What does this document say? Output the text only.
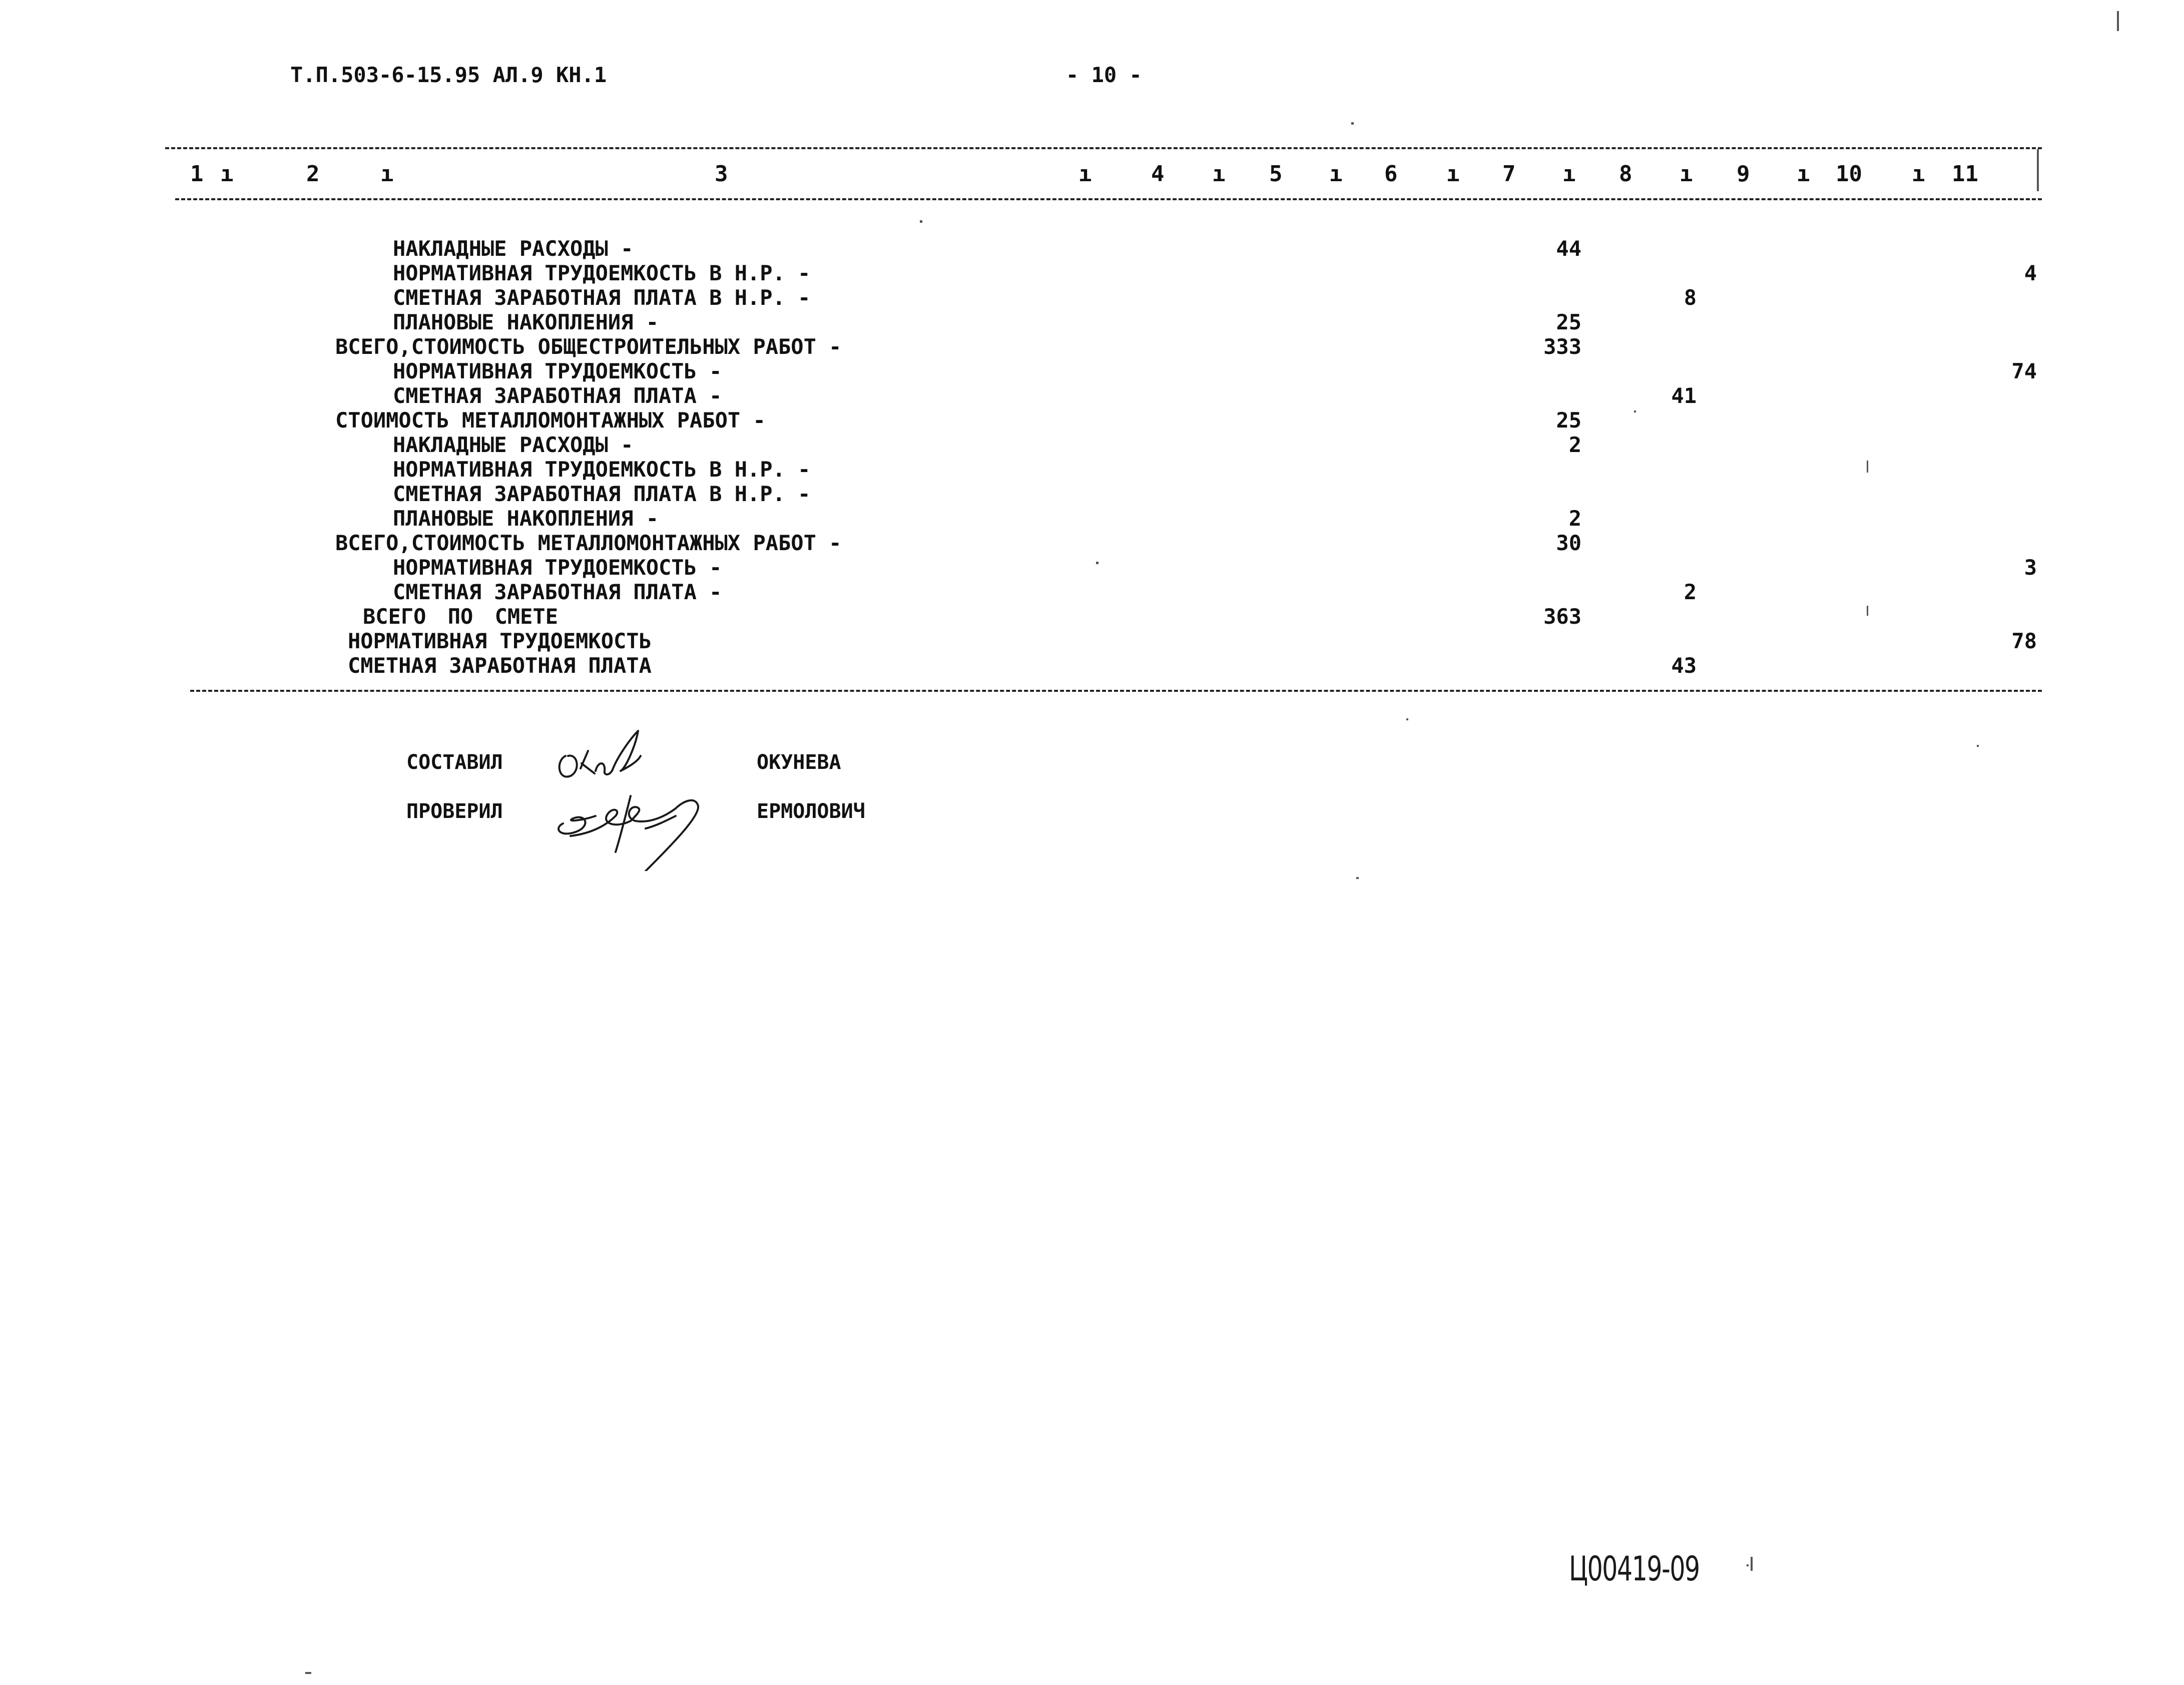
Т.П.503-6-15.95 АЛ.9 КН.1	- 10 -
1 ı	2	ı	3	ı	4 ı 5 ı 6 ı 7 ı 8 ı 9 ı 10 ı 11
НАКЛАДНЫЕ РАСХОДЫ -	44
НОРМАТИВНАЯ ТРУДОЕМКОСТЬ В Н.Р. -	4
СМЕТНАЯ ЗАРАБОТНАЯ ПЛАТА В Н.Р. -	8
ПЛАНОВЫЕ НАКОПЛЕНИЯ -	25
ВСЕГО,СТОИМОСТЬ ОБЩЕСТРОИТЕЛЬНЫХ РАБОТ -	333
НОРМАТИВНАЯ ТРУДОЕМКОСТЬ -	74
СМЕТНАЯ ЗАРАБОТНАЯ ПЛАТА -	41
СТОИМОСТЬ МЕТАЛЛОМОНТАЖНЫХ РАБОТ -	25
НАКЛАДНЫЕ РАСХОДЫ -	2
НОРМАТИВНАЯ ТРУДОЕМКОСТЬ В Н.Р. -
СМЕТНАЯ ЗАРАБОТНАЯ ПЛАТА В Н.Р. -
ПЛАНОВЫЕ НАКОПЛЕНИЯ -	2
ВСЕГО,СТОИМОСТЬ МЕТАЛЛОМОНТАЖНЫХ РАБОТ -	30
НОРМАТИВНАЯ ТРУДОЕМКОСТЬ -	3
СМЕТНАЯ ЗАРАБОТНАЯ ПЛАТА -	2
ВСЕГО ПО СМЕТЕ	363
НОРМАТИВНАЯ ТРУДОЕМКОСТЬ	78
СМЕТНАЯ ЗАРАБОТНАЯ ПЛАТА	43
СОСТАВИЛ	ОКУНЕВА
ПРОВЕРИЛ	ЕРМОЛОВИЧ
Ц00419-09
